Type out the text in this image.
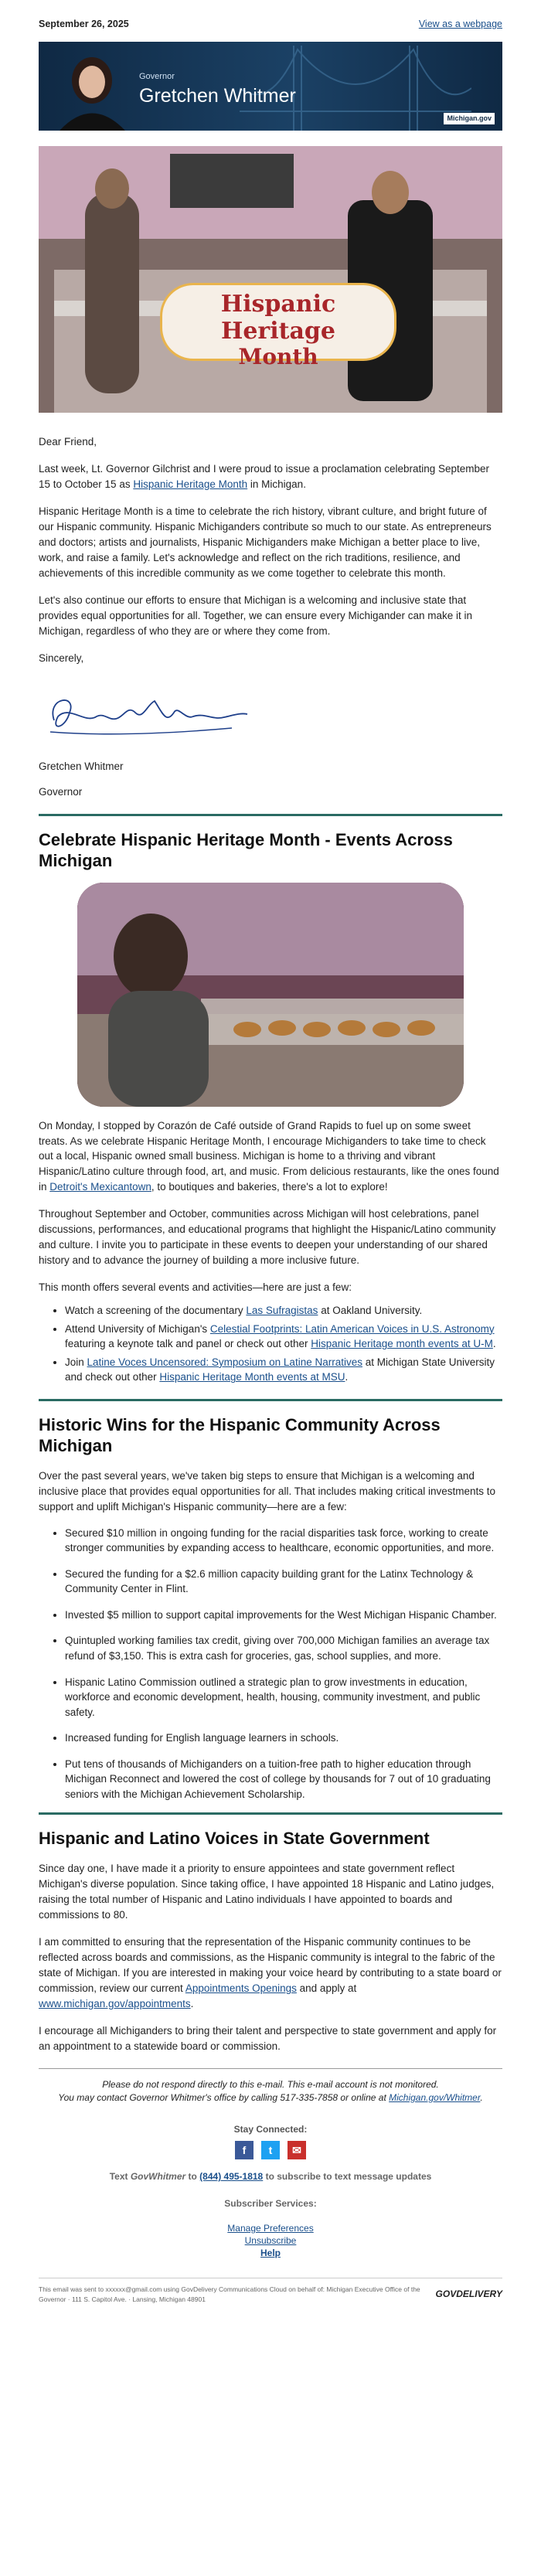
September 26, 2025	View as a webpage
Governor
Gretchen Whitmer
Michigan.gov
Hispanic Heritage
Month

Dear Friend,

Last week, Lt. Governor Gilchrist and I were proud to issue a proclamation celebrating September 15 to October 15 as Hispanic Heritage Month in Michigan.

Hispanic Heritage Month is a time to celebrate the rich history, vibrant culture, and bright future of our Hispanic community. Hispanic Michiganders contribute so much to our state. As entrepreneurs and doctors; artists and journalists, Hispanic Michiganders make Michigan a better place to live, work, and raise a family. Let's acknowledge and reflect on the rich traditions, resilience, and achievements of this incredible community as we come together to celebrate this month.

Let's also continue our efforts to ensure that Michigan is a welcoming and inclusive state that provides equal opportunities for all. Together, we can ensure every Michigander can make it in Michigan, regardless of who they are or where they come from.

Sincerely,

Gretchen Whitmer

Governor

Celebrate Hispanic Heritage Month - Events Across Michigan

On Monday, I stopped by Corazón de Café outside of Grand Rapids to fuel up on some sweet treats. As we celebrate Hispanic Heritage Month, I encourage Michiganders to take time to check out a local, Hispanic owned small business. Michigan is home to a thriving and vibrant Hispanic/Latino culture through food, art, and music. From delicious restaurants, like the ones found in Detroit's Mexicantown, to boutiques and bakeries, there's a lot to explore!

Throughout September and October, communities across Michigan will host celebrations, panel discussions, performances, and educational programs that highlight the Hispanic/Latino community and culture. I invite you to participate in these events to deepen your understanding of our shared history and to advance the journey of building a more inclusive future.

This month offers several events and activities—here are just a few:

• Watch a screening of the documentary Las Sufragistas at Oakland University.
• Attend University of Michigan's Celestial Footprints: Latin American Voices in U.S. Astronomy featuring a keynote talk and panel or check out other Hispanic Heritage month events at U-M.
• Join Latine Voces Uncensored: Symposium on Latine Narratives at Michigan State University and check out other Hispanic Heritage Month events at MSU.
Historic Wins for the Hispanic Community Across Michigan

Over the past several years, we've taken big steps to ensure that Michigan is a welcoming and inclusive place that provides equal opportunities for all. That includes making critical investments to support and uplift Michigan's Hispanic community—here are a few:

• Secured $10 million in ongoing funding for the racial disparities task force, working to create stronger communities by expanding access to healthcare, economic opportunities, and more.
• Secured the funding for a $2.6 million capacity building grant for the Latinx Technology & Community Center in Flint.
• Invested $5 million to support capital improvements for the West Michigan Hispanic Chamber.
• Quintupled working families tax credit, giving over 700,000 Michigan families an average tax refund of $3,150. This is extra cash for groceries, gas, school supplies, and more.
• Hispanic Latino Commission outlined a strategic plan to grow investments in education, workforce and economic development, health, housing, community investment, and public safety.
• Increased funding for English language learners in schools.
• Put tens of thousands of Michiganders on a tuition-free path to higher education through Michigan Reconnect and lowered the cost of college by thousands for 7 out of 10 graduating seniors with the Michigan Achievement Scholarship.
Hispanic and Latino Voices in State Government

Since day one, I have made it a priority to ensure appointees and state government reflect Michigan's diverse population. Since taking office, I have appointed 18 Hispanic and Latino judges, raising the total number of Hispanic and Latino individuals I have appointed to boards and commissions to 80.

I am committed to ensuring that the representation of the Hispanic community continues to be reflected across boards and commissions, as the Hispanic community is integral to the fabric of the state of Michigan. If you are interested in making your voice heard by contributing to a state board or commission, review our current Appointments Openings and apply at www.michigan.gov/appointments.

I encourage all Michiganders to bring their talent and perspective to state government and apply for an appointment to a statewide board or commission.

Please do not respond directly to this e-mail. This e-mail account is not monitored.

You may contact Governor Whitmer's office by calling 517-335-7858 or online at Michigan.gov/Whitmer.

Stay Connected:

f	t	✉

Text GovWhitmer to (844) 495-1818 to subscribe to text message updates

Subscriber Services:

Manage Preferences
Unsubscribe
Help
This email was sent to xxxxxx@gmail.com using GovDelivery Communications Cloud on behalf of: Michigan Executive Office of the Governor · 111 S. Capitol Ave. · Lansing, Michigan 48901	GOVDELIVERY
